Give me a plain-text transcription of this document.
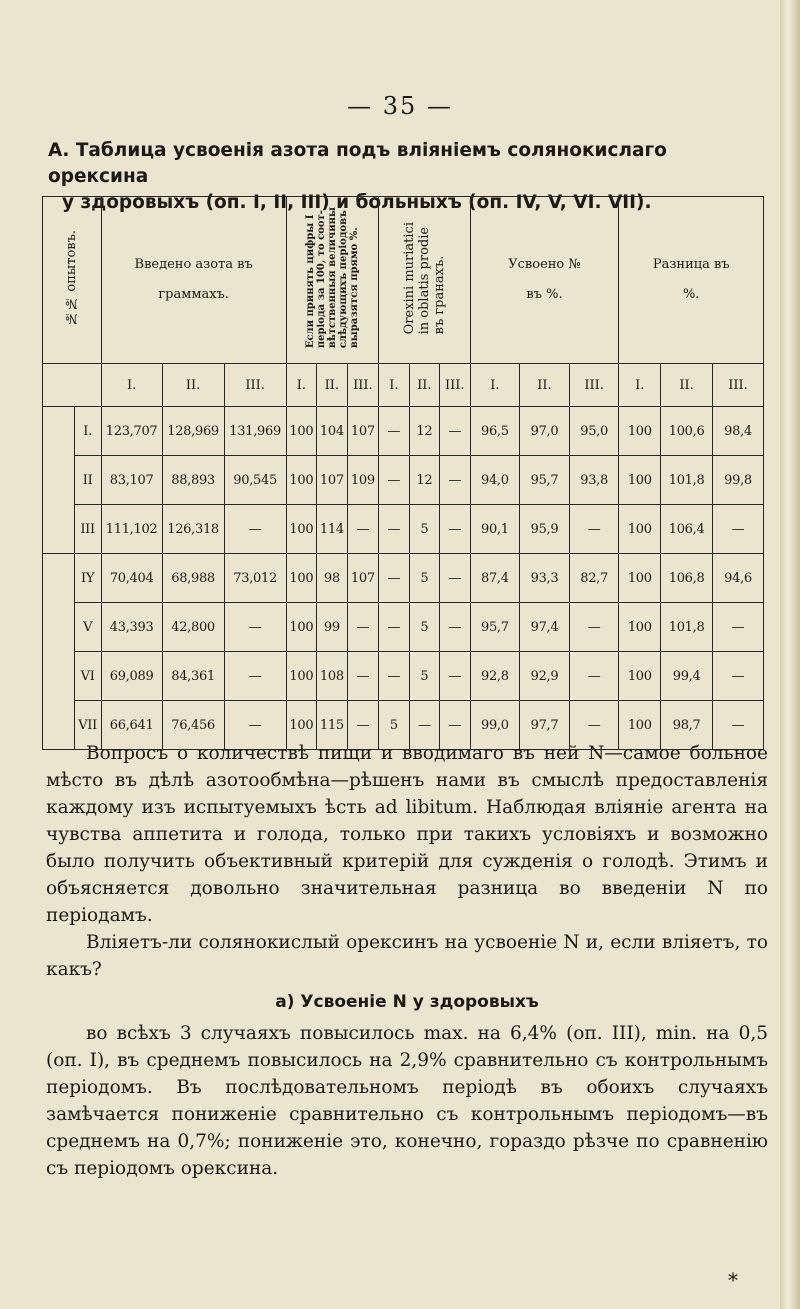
— 35 —
А. Таблица усвоенія азота подъ вліяніемъ солянокислаго орексина
у здоровыхъ (оп. I, II, III) и больныхъ (оп. IV, V, VI. VII).
№№ опытовъ.		Введено азота въ
граммахъ.			Если принять цифры I
періода за 100, то соот-
вѣтственныя величины
слѣдующихъ періодовъ
выразятся прямо %.			Orexini muriatici
in oblatis prodie
въ гранахъ.			Усвоено №
въ %.			Разница въ
%.		
		I.	II.	III.	I.	II.	III.	I.	II.	III.	I.	II.	III.	I.	II.	III.
	I.	123,707	128,969	131,969	100	104	107	—	12	—	96,5	97,0	95,0	100	100,6	98,4
	II	83,107	88,893	90,545	100	107	109	—	12	—	94,0	95,7	93,8	100	101,8	99,8
	III	111,102	126,318	—	100	114	—	—	5	—	90,1	95,9	—	100	106,4	—
	IY	70,404	68,988	73,012	100	98	107	—	5	—	87,4	93,3	82,7	100	106,8	94,6
	V	43,393	42,800	—	100	99	—	—	5	—	95,7	97,4	—	100	101,8	—
	VI	69,089	84,361	—	100	108	—	—	5	—	92,8	92,9	—	100	99,4	—
	VII	66,641	76,456	—	100	115	—	5	—	—	99,0	97,7	—	100	98,7	—

Вопросъ о количествѣ пищи и вводимаго въ ней N—самое больное мѣсто въ дѣлѣ азотообмѣна—рѣшенъ нами въ смыслѣ предоставленія каждому изъ испытуемыхъ ѣсть ad libitum. Наблюдая вліяніе агента на чувства аппетита и голода, только при такихъ условіяхъ и возможно было получить объективный критерій для сужденія о голодѣ. Этимъ и объясняется довольно значительная разница во введеніи N по періодамъ.

Вліяетъ-ли солянокислый орексинъ на усвоеніе N и, если вліяетъ, то какъ?

а) Усвоеніе N у здоровыхъ

во всѣхъ 3 случаяхъ повысилось max. на 6,4% (оп. III), min. на 0,5 (оп. I), въ среднемъ повысилось на 2,9% сравнительно съ контрольнымъ періодомъ. Въ послѣдовательномъ періодѣ въ обоихъ случаяхъ замѣчается пониженіе сравнительно съ контрольнымъ періодомъ—въ среднемъ на 0,7%; пониженіе это, конечно, гораздо рѣзче по сравненію съ періодомъ орексина.

*
